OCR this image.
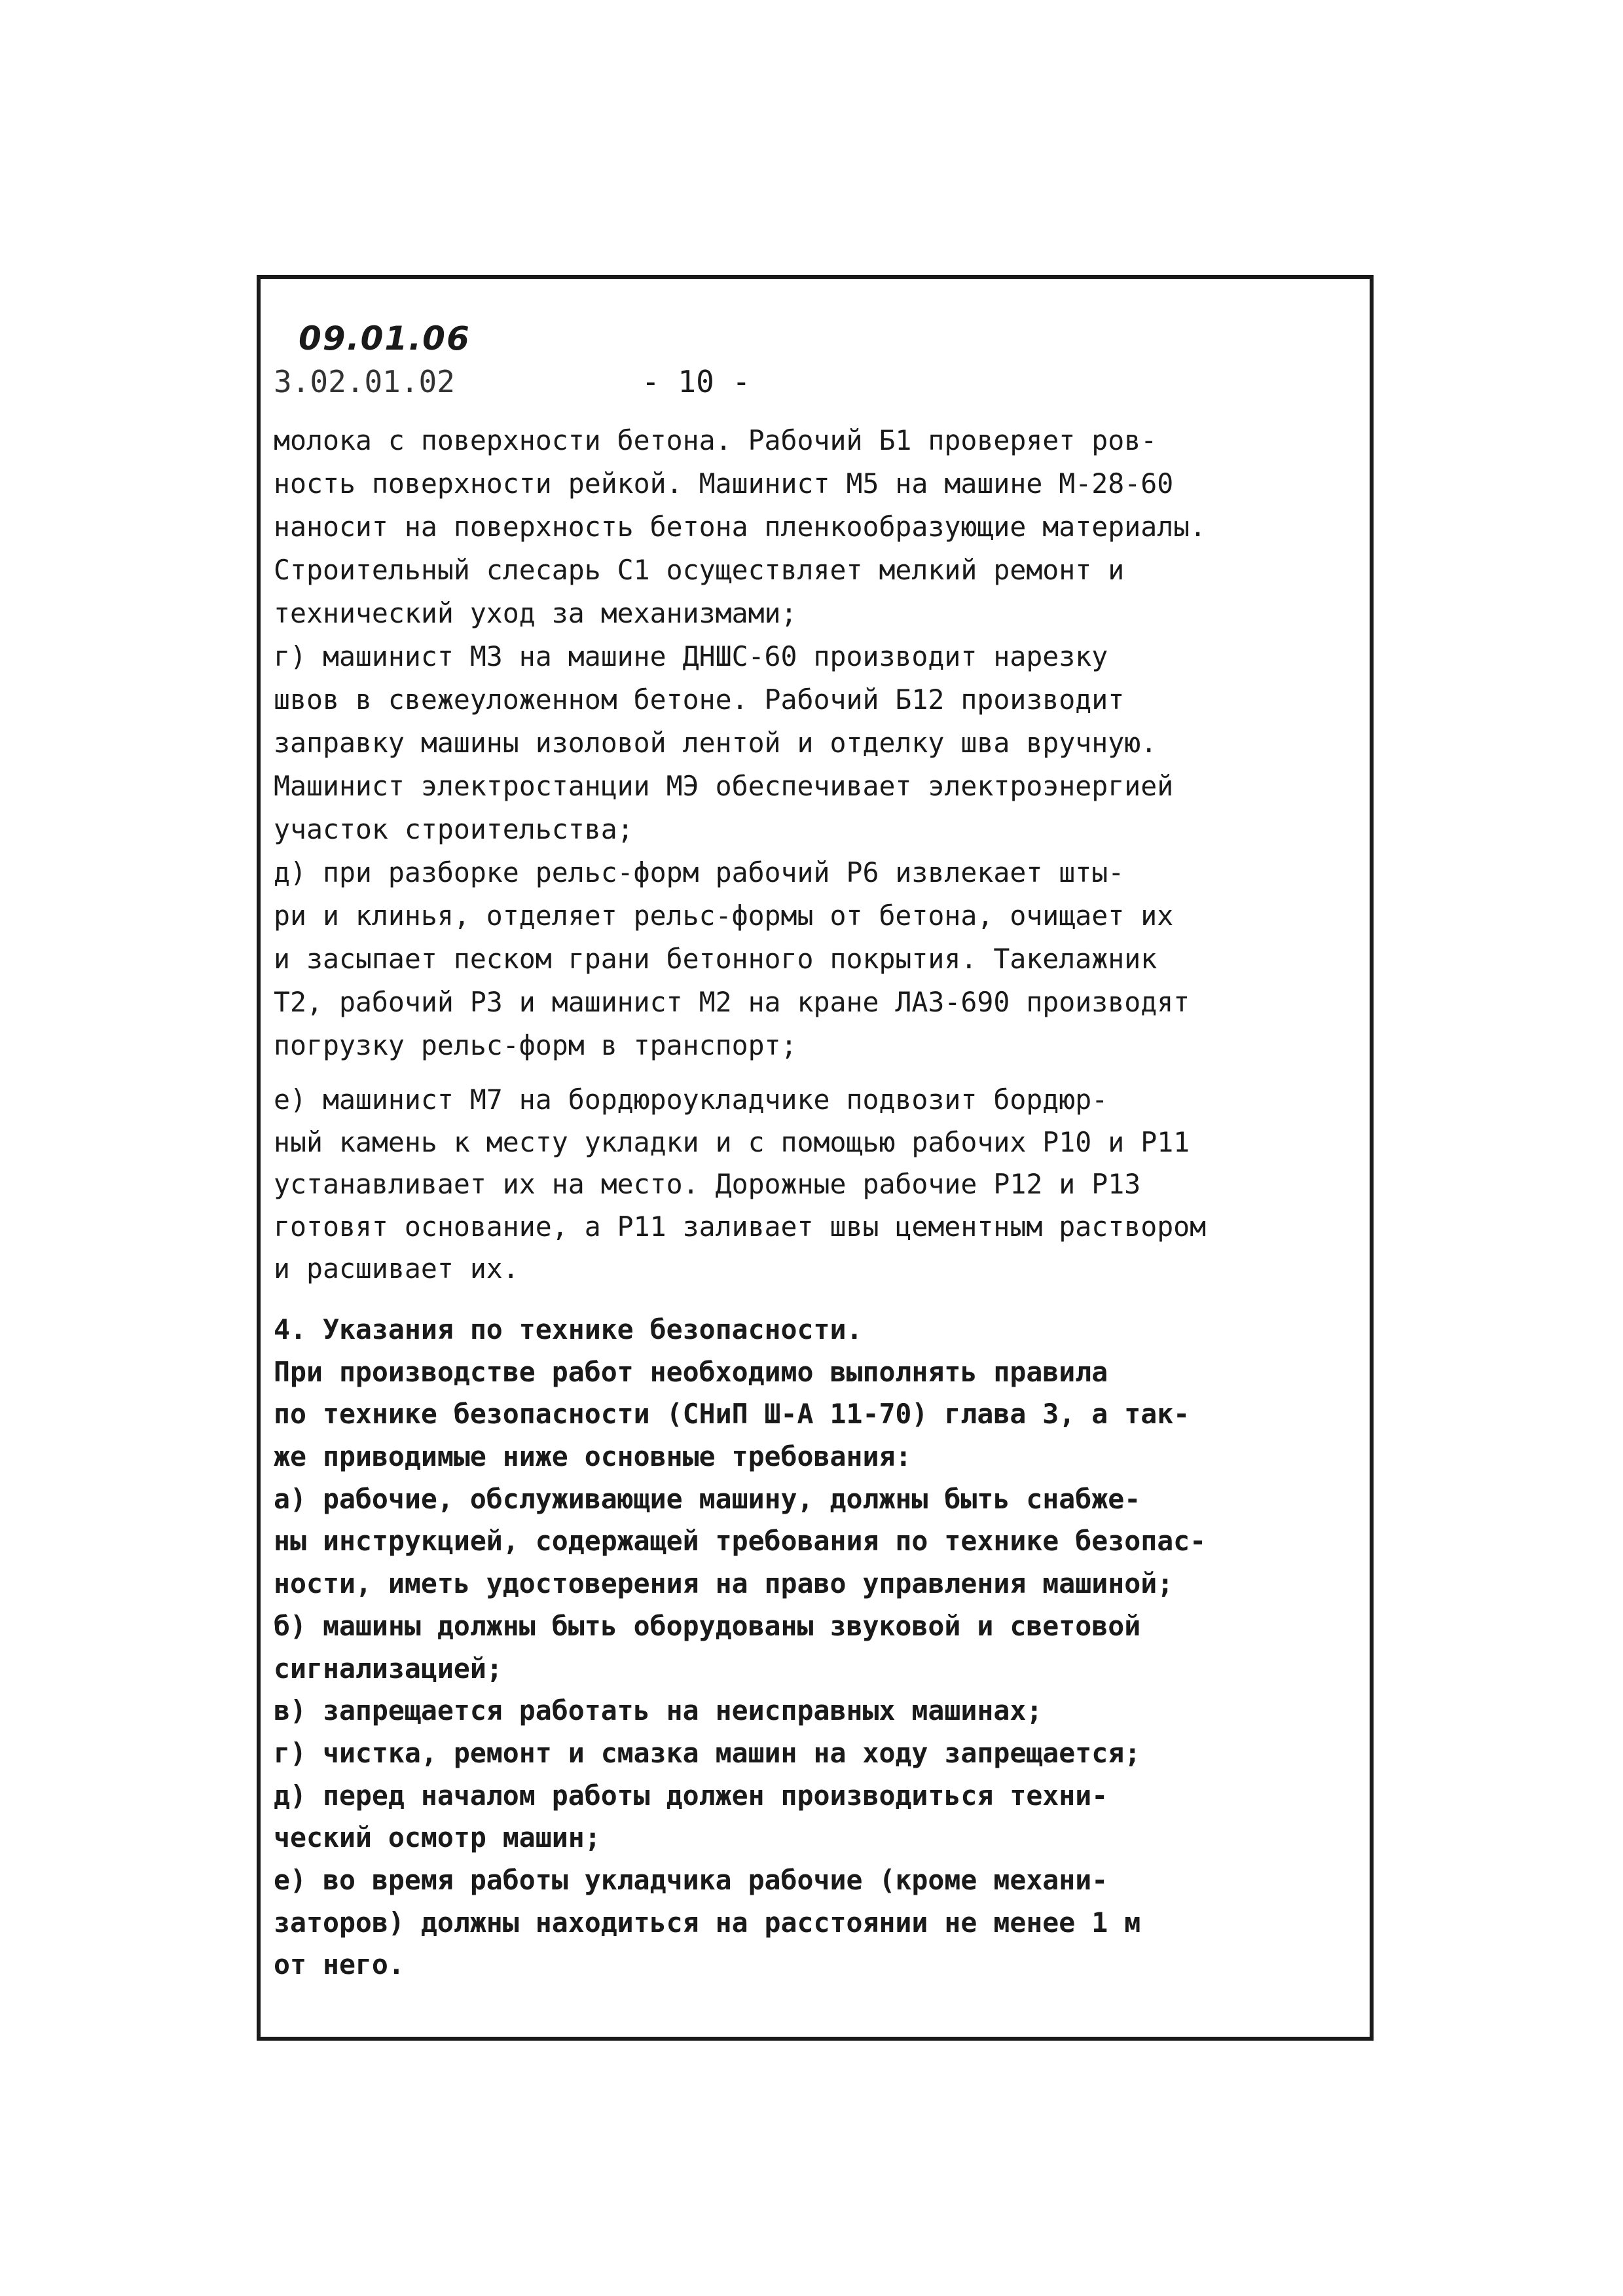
09.01.06
3.02.01.02	- 10 -
молока с поверхности бетона. Рабочий Б1 проверяет ров-
ность поверхности рейкой. Машинист М5 на машине М-28-60
наносит на поверхность бетона пленкообразующие материалы.
Строительный слесарь С1 осуществляет мелкий ремонт и
технический уход за механизмами;
г) машинист М3 на машине ДНШС-60 производит нарезку
швов в свежеуложенном бетоне. Рабочий Б12 производит
заправку машины изоловой лентой и отделку шва вручную.
Машинист электростанции МЭ обеспечивает электроэнергией
участок строительства;
д) при разборке рельс-форм рабочий Р6 извлекает шты-
ри и клинья, отделяет рельс-формы от бетона, очищает их
и засыпает песком грани бетонного покрытия. Такелажник
Т2, рабочий Р3 и машинист М2 на кране ЛАЗ-690 производят
погрузку рельс-форм в транспорт;
е) машинист М7 на бордюроукладчике подвозит бордюр-
ный камень к месту укладки и с помощью рабочих Р10 и Р11
устанавливает их на место. Дорожные рабочие Р12 и Р13
готовят основание, а Р11 заливает швы цементным раствором
и расшивает их.
4. Указания по технике безопасности.
При производстве работ необходимо выполнять правила
по технике безопасности (СНиП Ш-А 11-70) глава 3, а так-
же приводимые ниже основные требования:
а) рабочие, обслуживающие машину, должны быть снабже-
ны инструкцией, содержащей требования по технике безопас-
ности, иметь удостоверения на право управления машиной;
б) машины должны быть оборудованы звуковой и световой
сигнализацией;
в) запрещается работать на неисправных машинах;
г) чистка, ремонт и смазка машин на ходу запрещается;
д) перед началом работы должен производиться техни-
ческий осмотр машин;
е) во время работы укладчика рабочие (кроме механи-
заторов) должны находиться на расстоянии не менее 1 м
от него.
